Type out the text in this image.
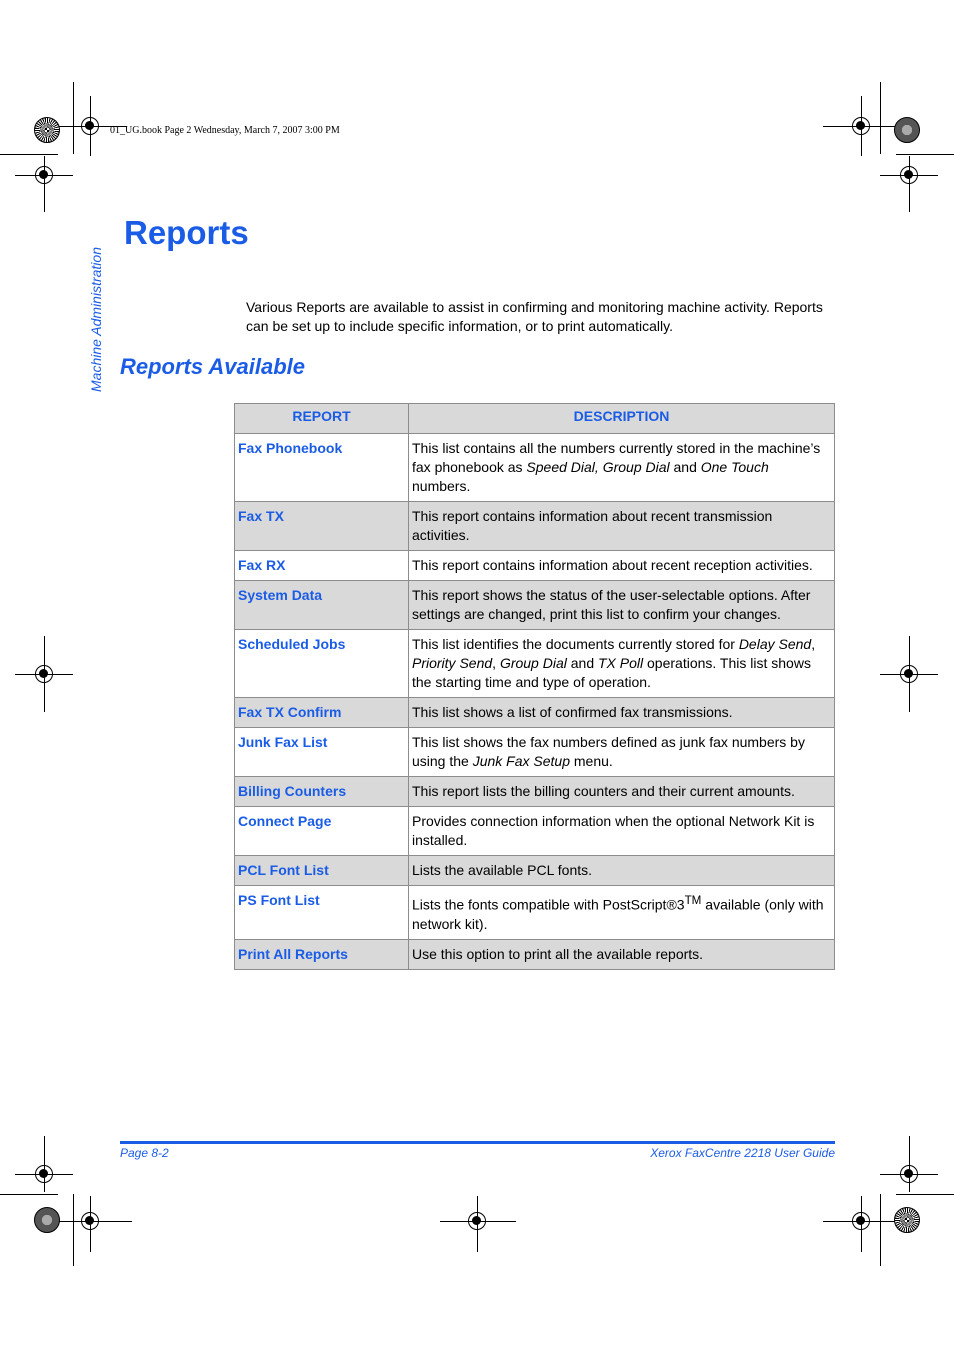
01_UG.book Page 2 Wednesday, March 7, 2007 3:00 PM
Machine Administration
Reports
Various Reports are available to assist in confirming and monitoring machine activity. Reports can be set up to include specific information, or to print automatically.
Reports Available
REPORT	DESCRIPTION
Fax Phonebook	This list contains all the numbers currently stored in the machine’s fax phonebook as Speed Dial, Group Dial and One Touch numbers.
Fax TX	This report contains information about recent transmission activities.
Fax RX	This report contains information about recent reception activities.
System Data	This report shows the status of the user-selectable options. After settings are changed, print this list to confirm your changes.
Scheduled Jobs	This list identifies the documents currently stored for Delay Send, Priority Send, Group Dial and TX Poll operations. This list shows the starting time and type of operation.
Fax TX Confirm	This list shows a list of confirmed fax transmissions.
Junk Fax List	This list shows the fax numbers defined as junk fax numbers by using the Junk Fax Setup menu.
Billing Counters	This report lists the billing counters and their current amounts.
Connect Page	Provides connection information when the optional Network Kit is installed.
PCL Font List	Lists the available PCL fonts.
PS Font List	Lists the fonts compatible with PostScript®3™ available (only with network kit).
Print All Reports	Use this option to print all the available reports.
Page 8-2	Xerox FaxCentre 2218 User Guide
